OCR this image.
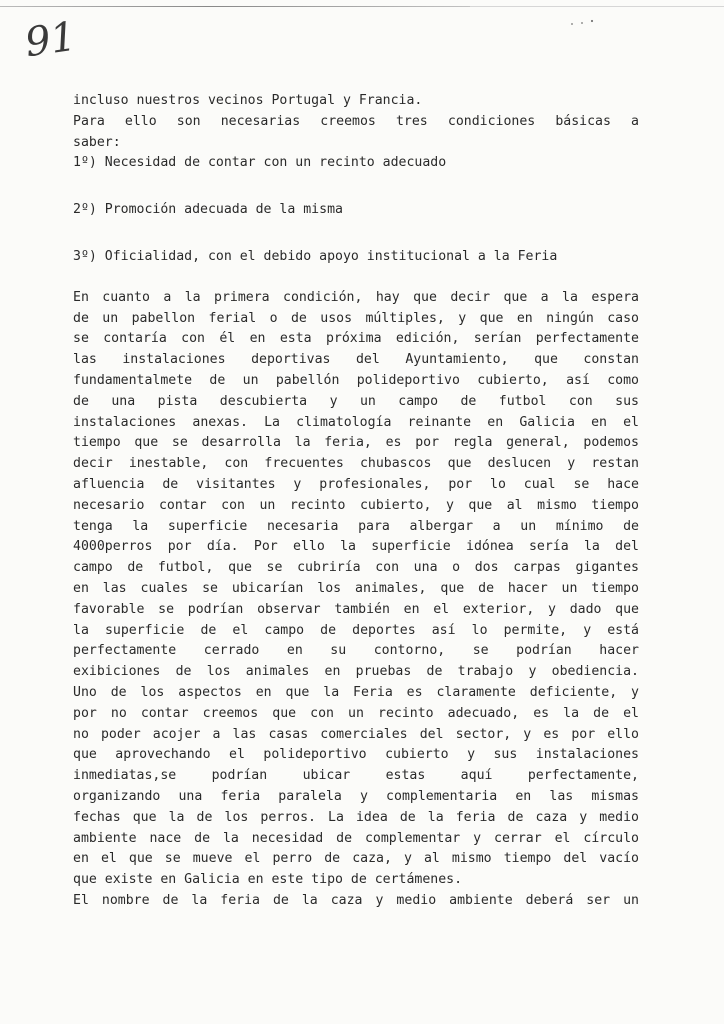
91

incluso nuestros vecinos Portugal y Francia.

Para ello son necesarias creemos tres condiciones básicas a

saber:

1º) Necesidad de contar con un recinto adecuado

2º) Promoción adecuada de la misma

3º) Oficialidad, con el debido apoyo institucional a la Feria

En cuanto a la primera condición, hay que decir que a la espera

de un pabellon ferial o de usos múltiples, y que en ningún caso

se contaría con él en esta próxima edición, serían perfectamente

las instalaciones deportivas del Ayuntamiento, que constan

fundamentalmete de un pabellón polideportivo cubierto, así como

de una pista descubierta y un campo de futbol con sus

instalaciones anexas. La climatología reinante en Galicia en el

tiempo que se desarrolla la feria, es por regla general, podemos

decir inestable, con frecuentes chubascos que deslucen y restan

afluencia de visitantes y profesionales, por lo cual se hace

necesario contar con un recinto cubierto, y que al mismo tiempo

tenga la superficie necesaria para albergar a un mínimo de

4000perros por día. Por ello la superficie idónea sería la del

campo de futbol, que se cubriría con una o dos carpas gigantes

en las cuales se ubicarían los animales, que de hacer un tiempo

favorable se podrían observar también en el exterior, y dado que

la superficie de el campo de deportes así lo permite, y está

perfectamente cerrado en su contorno, se podrían hacer

exibiciones de los animales en pruebas de trabajo y obediencia.

Uno de los aspectos en que la Feria es claramente deficiente, y

por no contar creemos que con un recinto adecuado, es la de el

no poder acojer a las casas comerciales del sector, y es por ello

que aprovechando el polideportivo cubierto y sus instalaciones

inmediatas,se podrían ubicar estas aquí perfectamente,

organizando una feria paralela y complementaria en las mismas

fechas que la de los perros. La idea de la feria de caza y medio

ambiente nace de la necesidad de complementar y cerrar el círculo

en el que se mueve el perro de caza, y al mismo tiempo del vacío

que existe en Galicia en este tipo de certámenes.

El nombre de la feria de la caza y medio ambiente deberá ser un
